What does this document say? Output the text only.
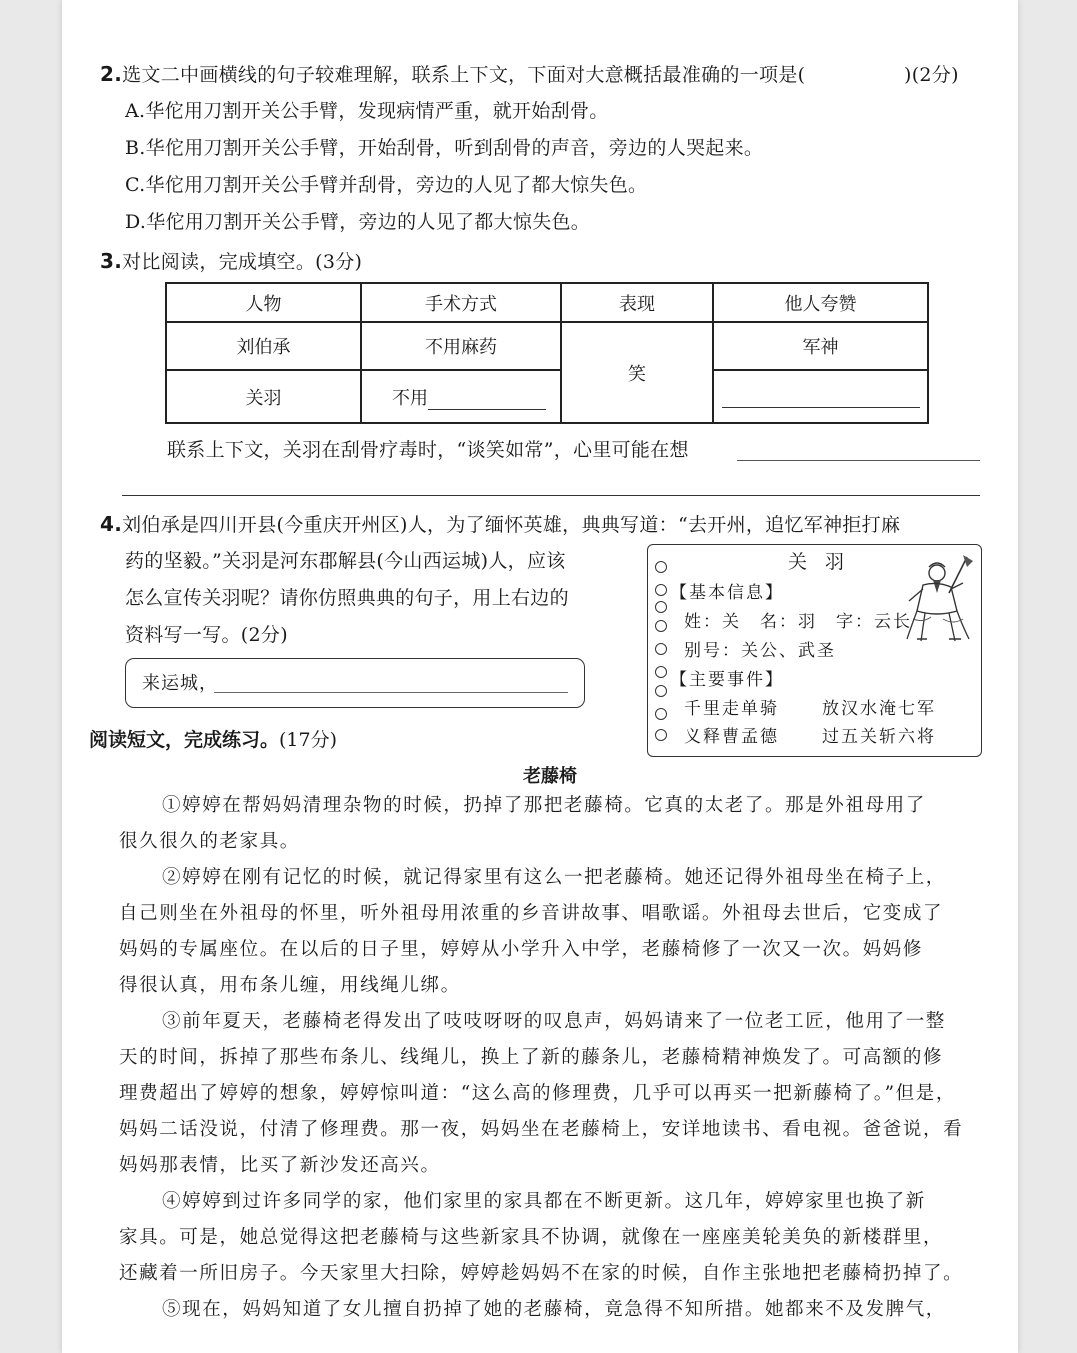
2.选文二中画横线的句子较难理解，联系上下文，下面对大意概括最准确的一项是(	)(2分)
A.华佗用刀割开关公手臂，发现病情严重，就开始刮骨。
B.华佗用刀割开关公手臂，开始刮骨，听到刮骨的声音，旁边的人哭起来。
C.华佗用刀割开关公手臂并刮骨，旁边的人见了都大惊失色。
D.华佗用刀割开关公手臂，旁边的人见了都大惊失色。
3.对比阅读，完成填空。(3分)
人物	手术方式	表现	他人夸赞
刘伯承	不用麻药	笑	军神
关羽	不用		
联系上下文，关羽在刮骨疗毒时，“谈笑如常”，心里可能在想
4.刘伯承是四川开县(今重庆开州区)人，为了缅怀英雄，典典写道：“去开州，追忆军神拒打麻
药的坚毅。”关羽是河东郡解县(今山西运城)人，应该
怎么宣传关羽呢？请你仿照典典的句子，用上右边的
资料写一写。(2分)
来运城，
关 羽
【基本信息】
姓：关　名：羽　字：云长
别号：关公、武圣
【主要事件】
千里走单骑	放汉水淹七军
义释曹孟德	过五关斩六将
阅读短文，完成练习。(17分)
老藤椅
①婷婷在帮妈妈清理杂物的时候，扔掉了那把老藤椅。它真的太老了。那是外祖母用了
很久很久的老家具。
②婷婷在刚有记忆的时候，就记得家里有这么一把老藤椅。她还记得外祖母坐在椅子上，
自己则坐在外祖母的怀里，听外祖母用浓重的乡音讲故事、唱歌谣。外祖母去世后，它变成了
妈妈的专属座位。在以后的日子里，婷婷从小学升入中学，老藤椅修了一次又一次。妈妈修
得很认真，用布条儿缠，用线绳儿绑。
③前年夏天，老藤椅老得发出了吱吱呀呀的叹息声，妈妈请来了一位老工匠，他用了一整
天的时间，拆掉了那些布条儿、线绳儿，换上了新的藤条儿，老藤椅精神焕发了。可高额的修
理费超出了婷婷的想象，婷婷惊叫道：“这么高的修理费，几乎可以再买一把新藤椅了。”但是，
妈妈二话没说，付清了修理费。那一夜，妈妈坐在老藤椅上，安详地读书、看电视。爸爸说，看
妈妈那表情，比买了新沙发还高兴。
④婷婷到过许多同学的家，他们家里的家具都在不断更新。这几年，婷婷家里也换了新
家具。可是，她总觉得这把老藤椅与这些新家具不协调，就像在一座座美轮美奂的新楼群里，
还藏着一所旧房子。今天家里大扫除，婷婷趁妈妈不在家的时候，自作主张地把老藤椅扔掉了。
⑤现在，妈妈知道了女儿擅自扔掉了她的老藤椅，竟急得不知所措。她都来不及发脾气，
